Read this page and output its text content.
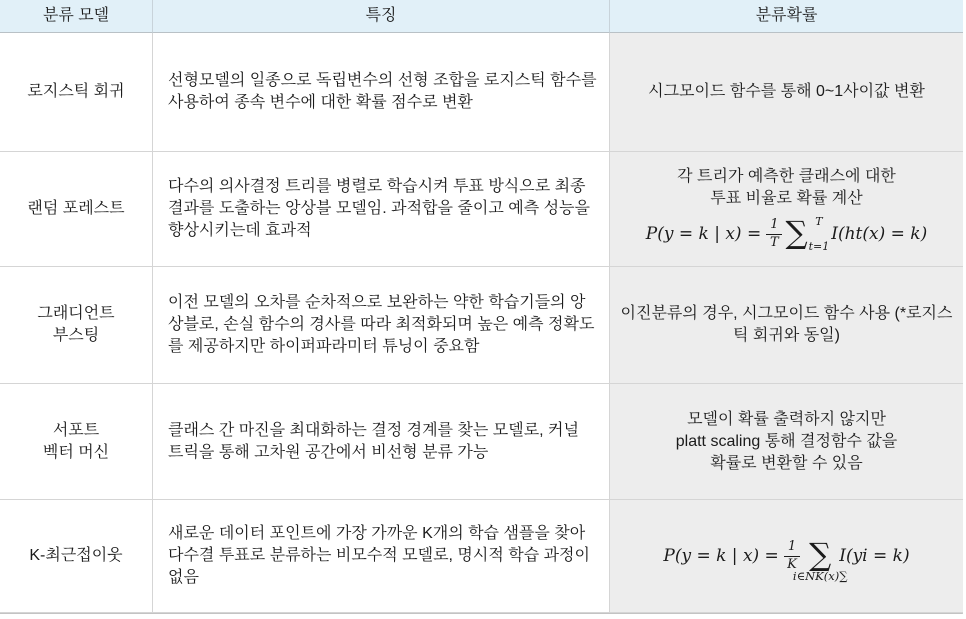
분류 모델	특징	분류확률
로지스틱 회귀
선형모델의 일종으로 독립변수의 선형 조합을 로지스틱 함수를 사용하여 종속 변수에 대한 확률 점수로 변환
시그모이드 함수를 통해 0~1사이값 변환
랜덤 포레스트
다수의 의사결정 트리를 병렬로 학습시켜 투표 방식으로 최종결과를 도출하는 앙상블 모델임. 과적합을 줄이고 예측 성능을 향상시키는데 효과적
각 트리가 예측한 클래스에 대한
투표 비율로 확률 계산
P(y = k | $x) = \frac{1}{T}$ ∑ T
t=1
I(ht(x) = k)
그래디언트
부스팅
이전 모델의 오차를 순차적으로 보완하는 약한 학습기들의 앙상블로, 손실 함수의 경사를 따라 최적화되며 높은 예측 정확도를 제공하지만 하이퍼파라미터 튜닝이 중요함
이진분류의 경우, 시그모이드 함수 사용 (*로지스틱 회귀와 동일)
서포트
벡터 머신
클래스 간 마진을 최대화하는 결정 경계를 찾는 모델로, 커널 트릭을 통해 고차원 공간에서 비선형 분류 가능
모델이 확률 출력하지 않지만
platt scaling 통해 결정함수 값을
확률로 변환할 수 있음
K-최근접이웃
새로운 데이터 포인트에 가장 가까운 K개의 학습 샘플을 찾아 다수결 투표로 분류하는 비모수적 모델로, 명시적 학습 과정이 없음
P(y = k | $x) = \frac{1}{K}$ ∑
i∈NK(x)∑
I(yi = k)
